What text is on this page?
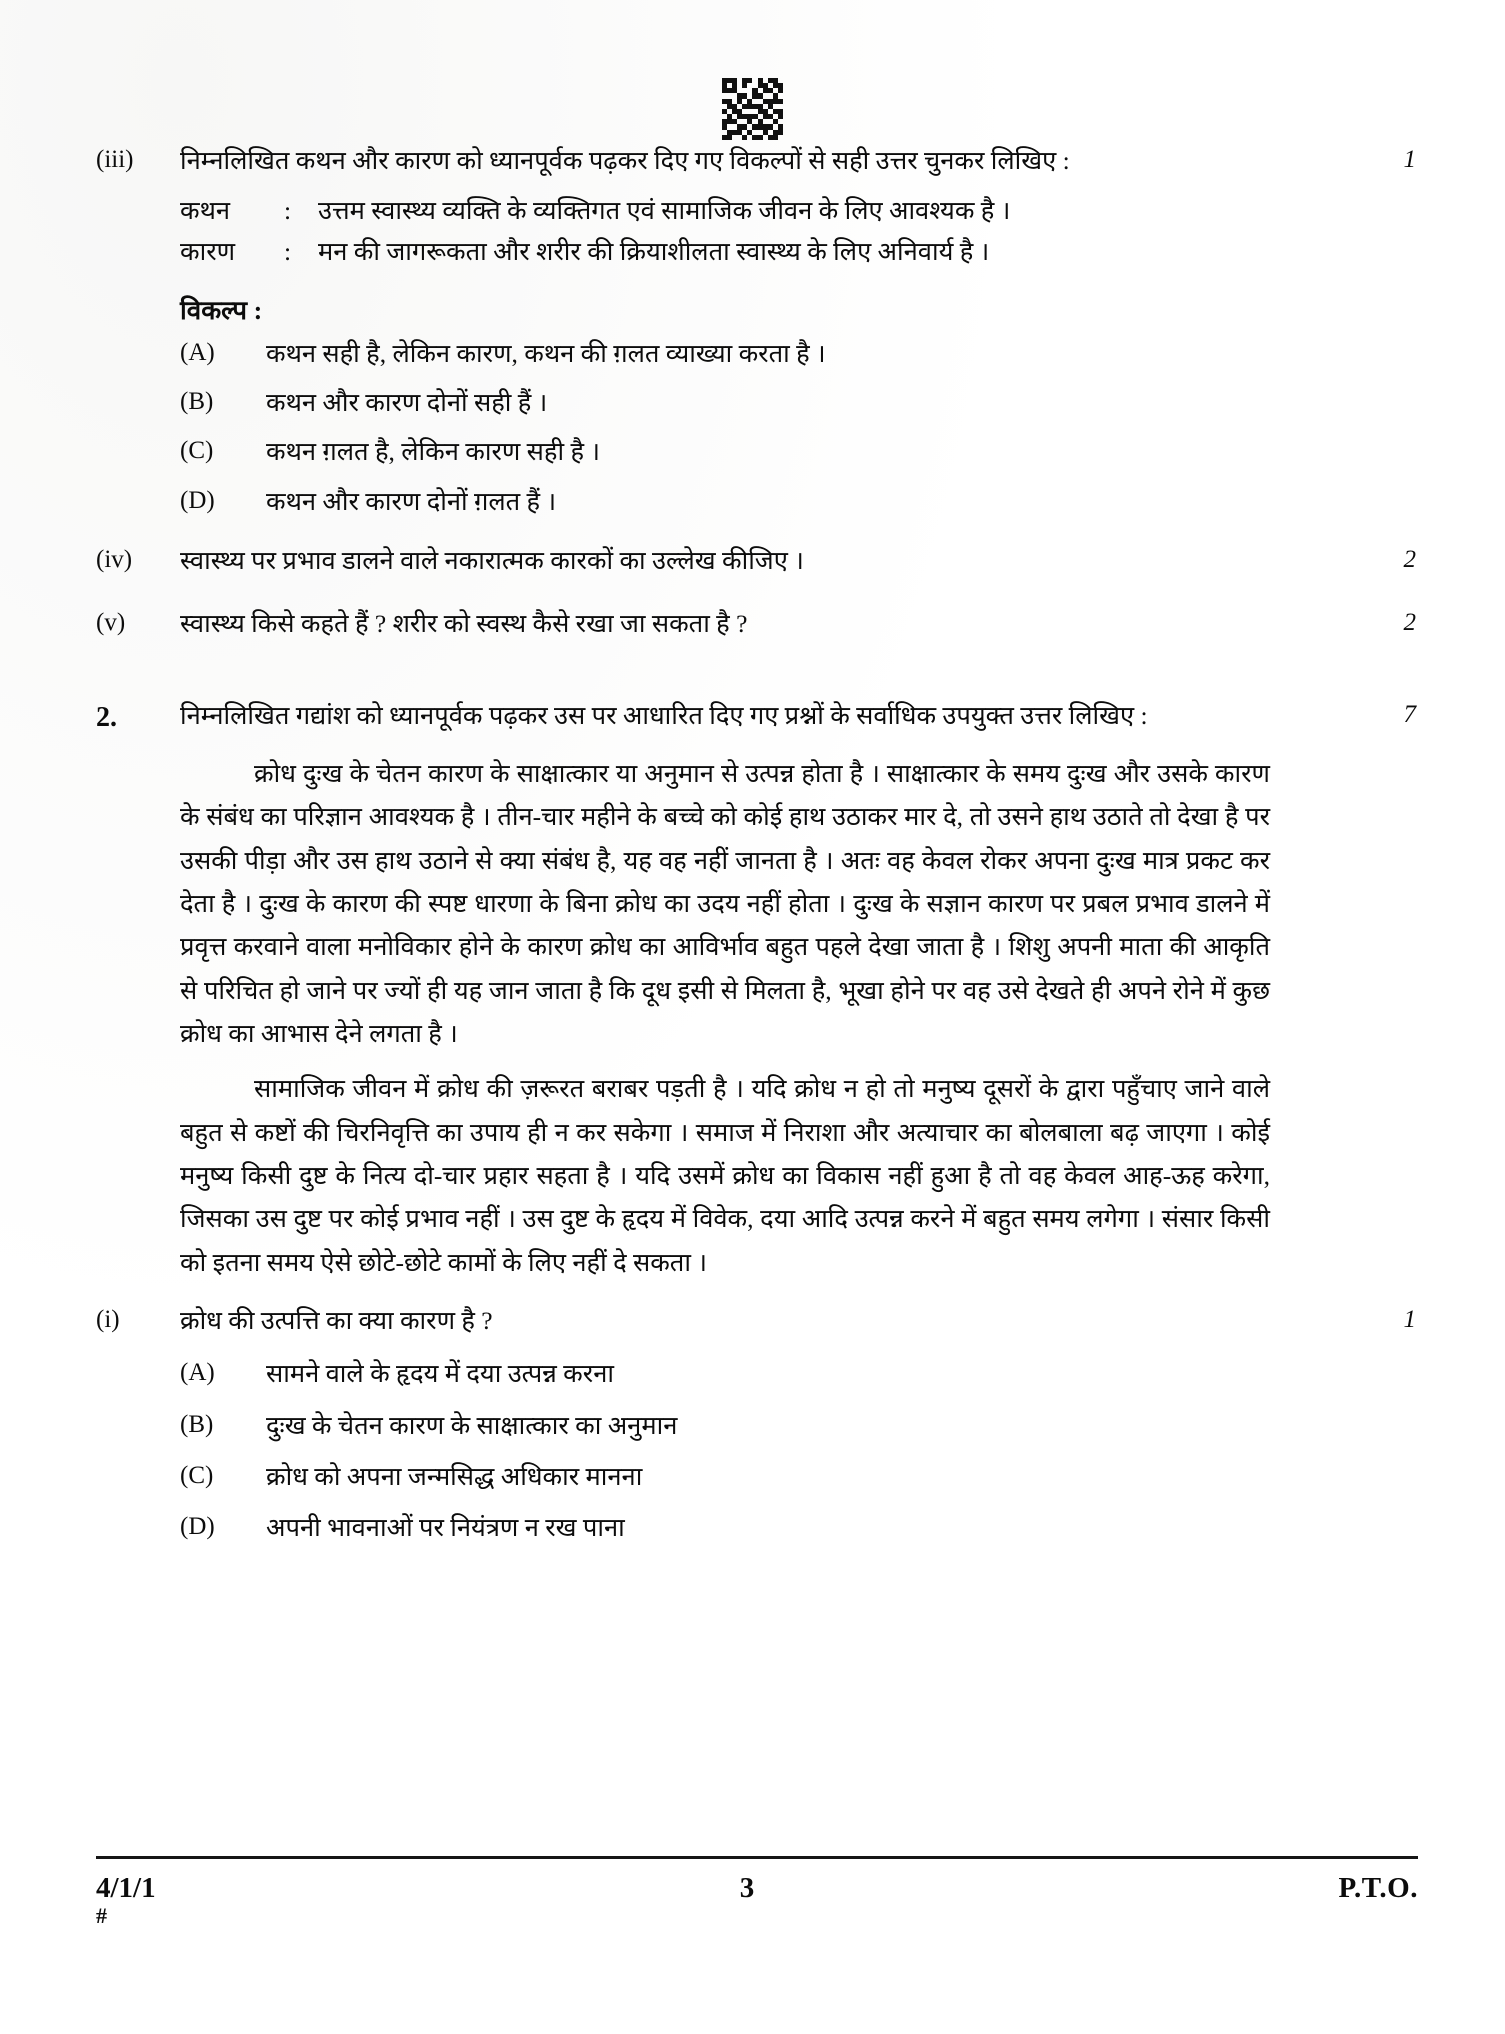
(iii)	निम्नलिखित कथन और कारण को ध्यानपूर्वक पढ़कर दिए गए विकल्पों से सही उत्तर चुनकर लिखिए :	1
कथन	:	उत्तम स्वास्थ्य व्यक्ति के व्यक्तिगत एवं सामाजिक जीवन के लिए आवश्यक है ।
कारण	:	मन की जागरूकता और शरीर की क्रियाशीलता स्वास्थ्य के लिए अनिवार्य है ।
विकल्प :
(A)	कथन सही है, लेकिन कारण, कथन की ग़लत व्याख्या करता है ।
(B)	कथन और कारण दोनों सही हैं ।
(C)	कथन ग़लत है, लेकिन कारण सही है ।
(D)	कथन और कारण दोनों ग़लत हैं ।
(iv)	स्वास्थ्य पर प्रभाव डालने वाले नकारात्मक कारकों का उल्लेख कीजिए ।	2
(v)	स्वास्थ्य किसे कहते हैं ? शरीर को स्वस्थ कैसे रखा जा सकता है ?	2
2.	निम्नलिखित गद्यांश को ध्यानपूर्वक पढ़कर उस पर आधारित दिए गए प्रश्नों के सर्वाधिक उपयुक्त उत्तर लिखिए :	7

क्रोध दुःख के चेतन कारण के साक्षात्कार या अनुमान से उत्पन्न होता है । साक्षात्कार के समय दुःख और उसके कारण के संबंध का परिज्ञान आवश्यक है । तीन-चार महीने के बच्चे को कोई हाथ उठाकर मार दे, तो उसने हाथ उठाते तो देखा है पर उसकी पीड़ा और उस हाथ उठाने से क्या संबंध है, यह वह नहीं जानता है । अतः वह केवल रोकर अपना दुःख मात्र प्रकट कर देता है । दुःख के कारण की स्पष्ट धारणा के बिना क्रोध का उदय नहीं होता । दुःख के सज्ञान कारण पर प्रबल प्रभाव डालने में प्रवृत्त करवाने वाला मनोविकार होने के कारण क्रोध का आविर्भाव बहुत पहले देखा जाता है । शिशु अपनी माता की आकृति से परिचित हो जाने पर ज्यों ही यह जान जाता है कि दूध इसी से मिलता है, भूखा होने पर वह उसे देखते ही अपने रोने में कुछ क्रोध का आभास देने लगता है ।

सामाजिक जीवन में क्रोध की ज़रूरत बराबर पड़ती है । यदि क्रोध न हो तो मनुष्य दूसरों के द्वारा पहुँचाए जाने वाले बहुत से कष्टों की चिरनिवृत्ति का उपाय ही न कर सकेगा । समाज में निराशा और अत्याचार का बोलबाला बढ़ जाएगा । कोई मनुष्य किसी दुष्ट के नित्य दो-चार प्रहार सहता है । यदि उसमें क्रोध का विकास नहीं हुआ है तो वह केवल आह-ऊह करेगा, जिसका उस दुष्ट पर कोई प्रभाव नहीं । उस दुष्ट के हृदय में विवेक, दया आदि उत्पन्न करने में बहुत समय लगेगा । संसार किसी को इतना समय ऐसे छोटे-छोटे कामों के लिए नहीं दे सकता ।

(i)	क्रोध की उत्पत्ति का क्या कारण है ?	1
(A)	सामने वाले के हृदय में दया उत्पन्न करना
(B)	दुःख के चेतन कारण के साक्षात्कार का अनुमान
(C)	क्रोध को अपना जन्मसिद्ध अधिकार मानना
(D)	अपनी भावनाओं पर नियंत्रण न रख पाना
4/1/1
#
3	P.T.O.
